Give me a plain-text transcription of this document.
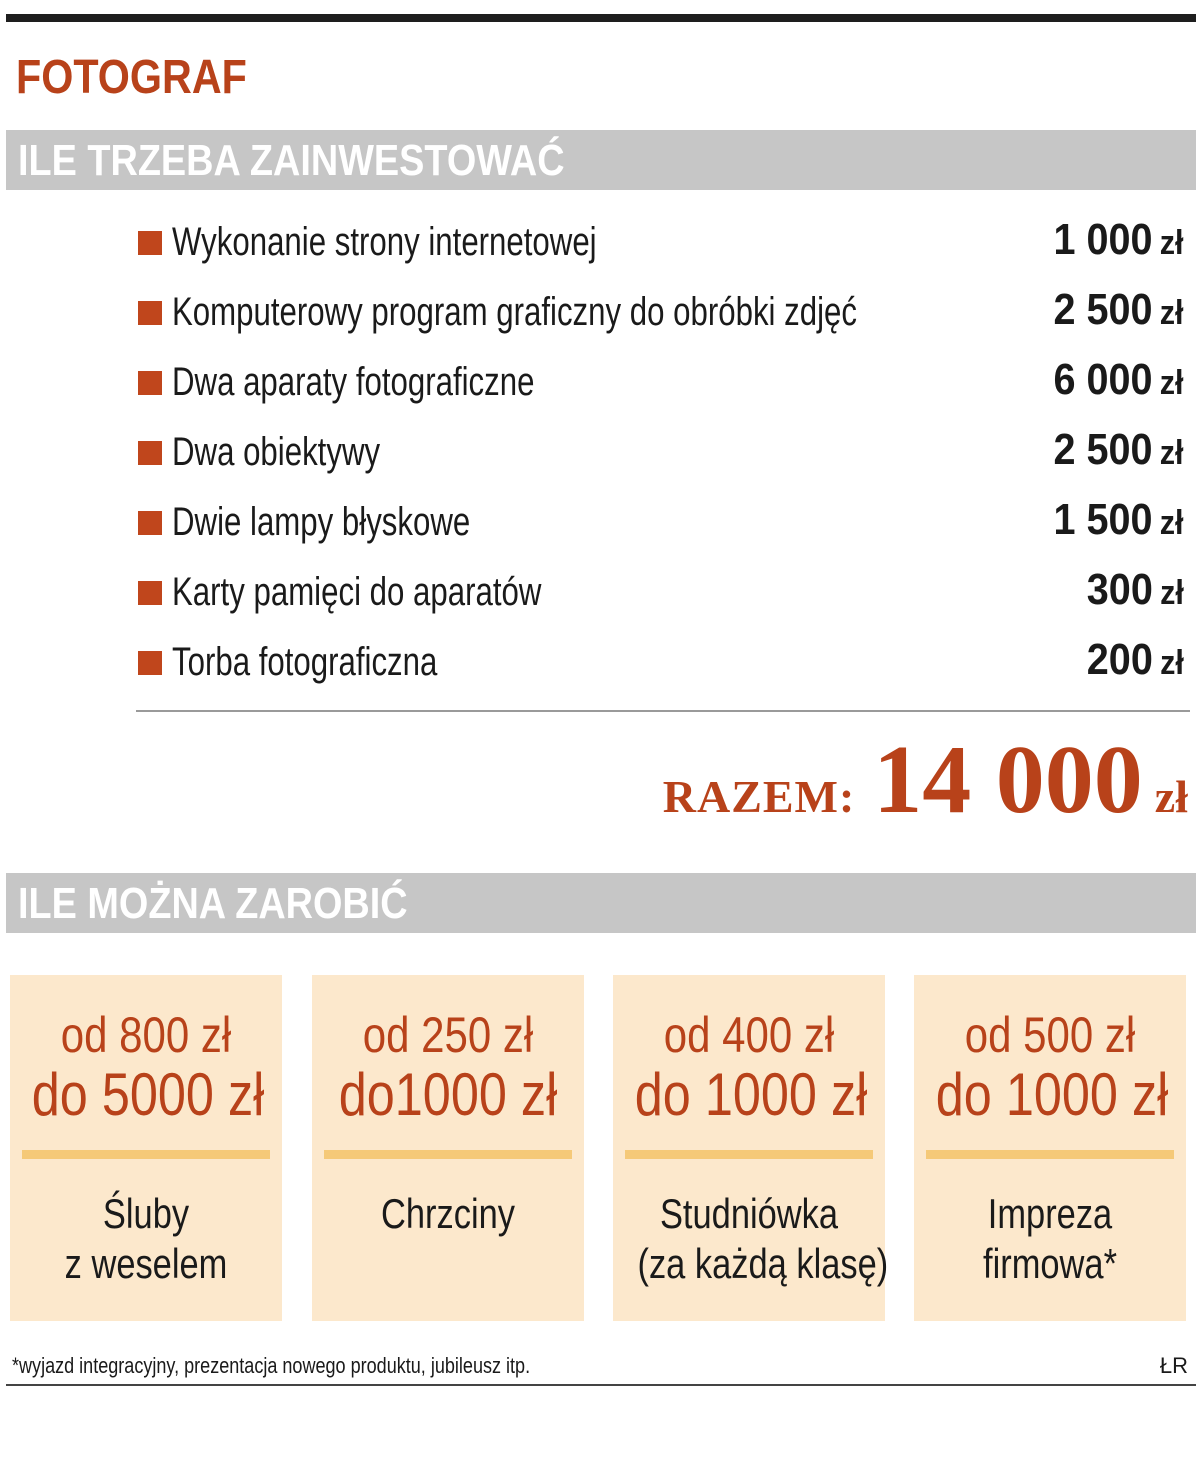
FOTOGRAF
ILE TRZEBA ZAINWESTOWAĆ
Wykonanie strony internetowej	1 000 zł
Komputerowy program graficzny do obróbki zdjęć	2 500 zł
Dwa aparaty fotograficzne	6 000 zł
Dwa obiektywy	2 500 zł
Dwie lampy błyskowe	1 500 zł
Karty pamięci do aparatów	300 zł
Torba fotograficzna	200 zł
RAZEM: 14 000 zł
ILE MOŻNA ZAROBIĆ
od 800 zł
do 5000 zł
Śluby
z weselem
od 250 zł
do1000 zł
Chrzciny
od 400 zł
do 1000 zł
Studniówka
(za każdą klasę)
od 500 zł
do 1000 zł
Impreza
firmowa*
*wyjazd integracyjny, prezentacja nowego produktu, jubileusz itp.	ŁR
